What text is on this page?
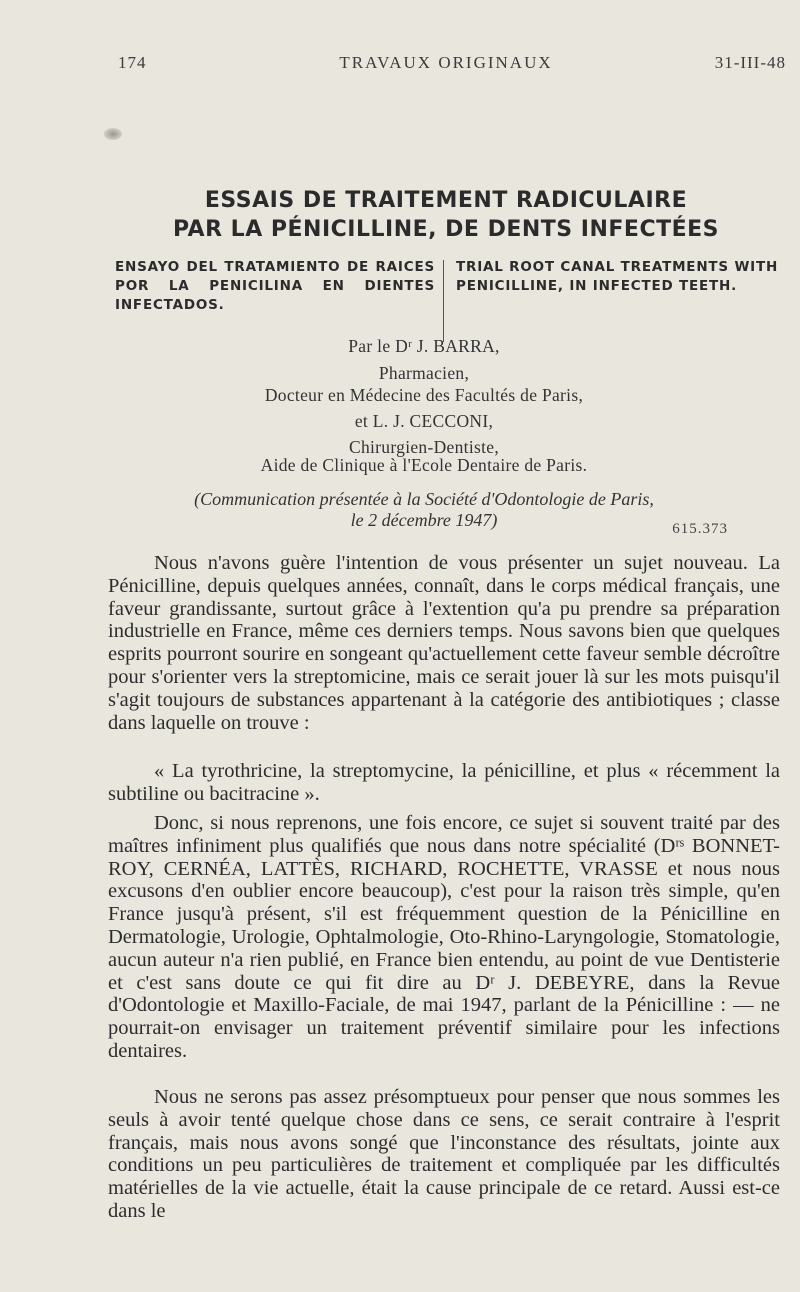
174	TRAVAUX ORIGINAUX	31-III-48
ESSAIS DE TRAITEMENT RADICULAIRE
PAR LA PÉNICILLINE, DE DENTS INFECTÉES
ENSAYO DEL TRATAMIENTO DE RAICES POR LA PENICILINA EN DIENTES INFECTADOS.
TRIAL ROOT CANAL TREATMENTS WITH PENICILLINE, IN INFECTED TEETH.
Par le Dʳ J. BARRA,
Pharmacien,
Docteur en Médecine des Facultés de Paris,
et L. J. CECCONI,
Chirurgien-Dentiste,
Aide de Clinique à l'Ecole Dentaire de Paris.
(Communication présentée à la Société d'Odontologie de Paris,
le 2 décembre 1947)	615.373

Nous n'avons guère l'intention de vous présenter un sujet nouveau. La Pénicilline, depuis quelques années, connaît, dans le corps médical français, une faveur grandissante, surtout grâce à l'extention qu'a pu prendre sa préparation industrielle en France, même ces derniers temps. Nous savons bien que quelques esprits pourront sourire en songeant qu'actuellement cette faveur semble décroître pour s'orienter vers la streptomicine, mais ce serait jouer là sur les mots puisqu'il s'agit toujours de substances appartenant à la catégorie des antibiotiques ; classe dans laquelle on trouve :

« La tyrothricine, la streptomycine, la pénicilline, et plus « récemment la subtiline ou bacitracine ».

Donc, si nous reprenons, une fois encore, ce sujet si souvent traité par des maîtres infiniment plus qualifiés que nous dans notre spécialité (Dʳˢ BONNET-ROY, CERNÉA, LATTÈS, RICHARD, ROCHETTE, VRASSE et nous nous excusons d'en oublier encore beaucoup), c'est pour la raison très simple, qu'en France jusqu'à présent, s'il est fréquemment question de la Pénicilline en Dermatologie, Urologie, Ophtalmologie, Oto-Rhino-Laryngologie, Stomatologie, aucun auteur n'a rien publié, en France bien entendu, au point de vue Dentisterie et c'est sans doute ce qui fit dire au Dʳ J. DEBEYRE, dans la Revue d'Odontologie et Maxillo-Faciale, de mai 1947, parlant de la Pénicilline : — ne pourrait-on envisager un traitement préventif similaire pour les infections dentaires.

Nous ne serons pas assez présomptueux pour penser que nous sommes les seuls à avoir tenté quelque chose dans ce sens, ce serait contraire à l'esprit français, mais nous avons songé que l'inconstance des résultats, jointe aux conditions un peu particulières de traitement et compliquée par les difficultés matérielles de la vie actuelle, était la cause principale de ce retard. Aussi est-ce dans le
